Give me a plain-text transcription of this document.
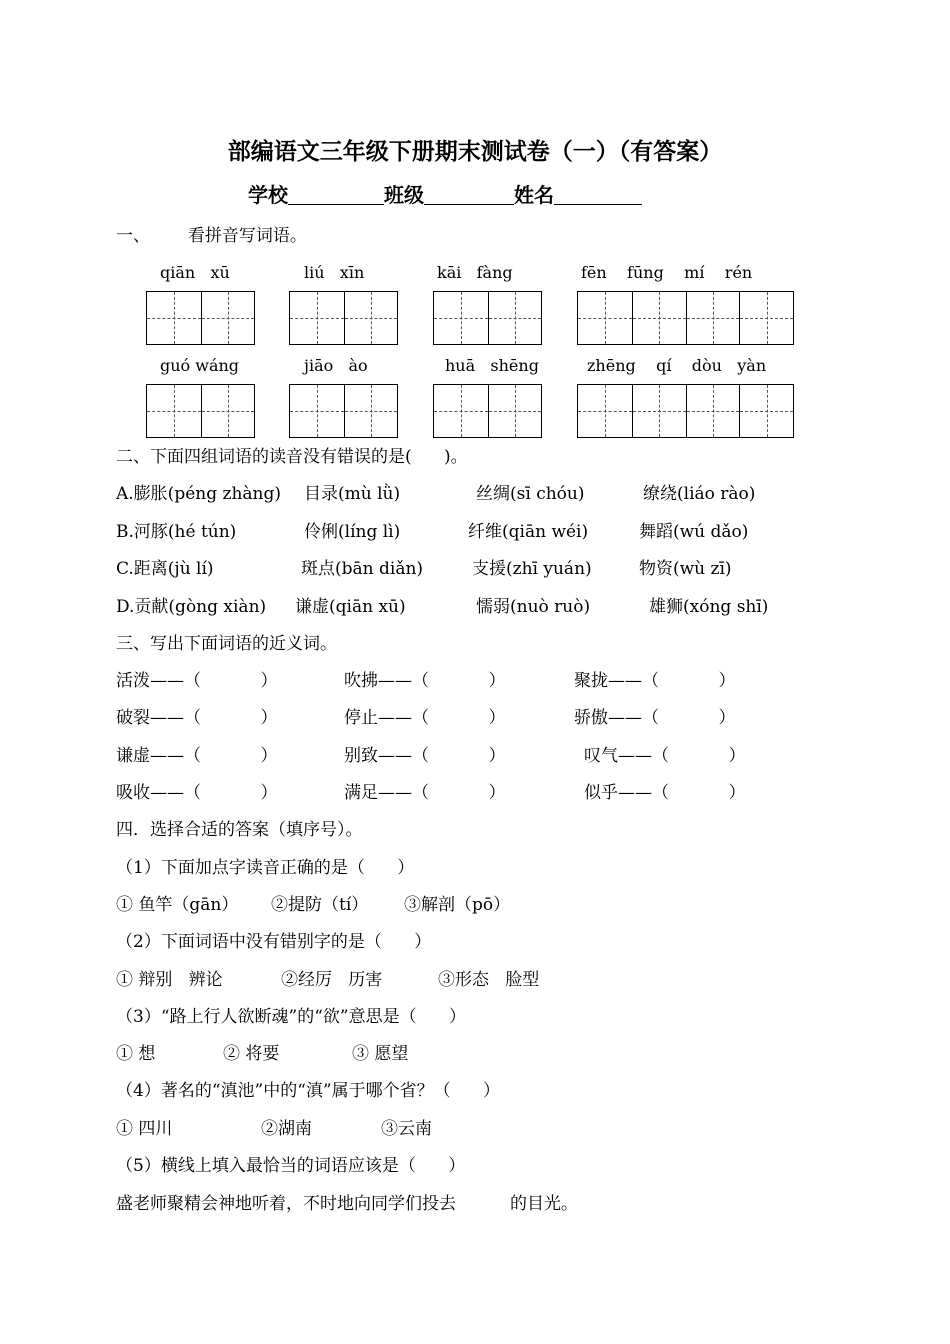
部编语文三年级下册期末测试卷（一）（有答案）
学校	班级	姓名
一、       看拼音写词语。
qiān   xū	liú   xīn	kāi   fàng	fēn    fūng    mí    rén
guó wáng	jiāo   ào	huā   shēng	zhēng    qí    dòu   yàn
二、下面四组词语的读音没有错误的是(      )。
A.膨胀(péng zhàng) 目录(mù lǜ)	丝绸(sī chóu)	缭绕(liáo rào)
B.河豚(hé tún)	伶俐(líng lì)	纤维(qiān wéi)	舞蹈(wú dǎo)
C.距离(jù lí)	斑点(bān diǎn)	支援(zhī yuán)	物资(wù zī)
D.贡献(gòng xiàn) 谦虚(qiān xū)	懦弱(nuò ruò)	雄狮(xóng shī)
三、写出下面词语的近义词。
活泼——（           ）	吹拂——（           ）	聚拢——（           ）
破裂——（           ）	停止——（           ）	骄傲——（           ）
谦虚——（           ）	别致——（           ）	叹气——（           ）
吸收——（           ）	满足——（           ）	似乎——（           ）
四．选择合适的答案（填序号）。
（1）下面加点字读音正确的是（      ）
① 鱼竿（gān） ②提防（tí） ③解剖（pō）
（2）下面词语中没有错别字的是（      ）
① 辩别   辨论	②经厉   历害	③形态   脸型
（3）“路上行人欲断魂”的“欲”意思是（      ）
① 想	② 将要	③ 愿望
（4）著名的“滇池”中的“滇”属于哪个省？（      ）
① 四川	②湖南	③云南
（5）横线上填入最恰当的词语应该是（      ）
盛老师聚精会神地听着，不时地向同学们投去          的目光。
